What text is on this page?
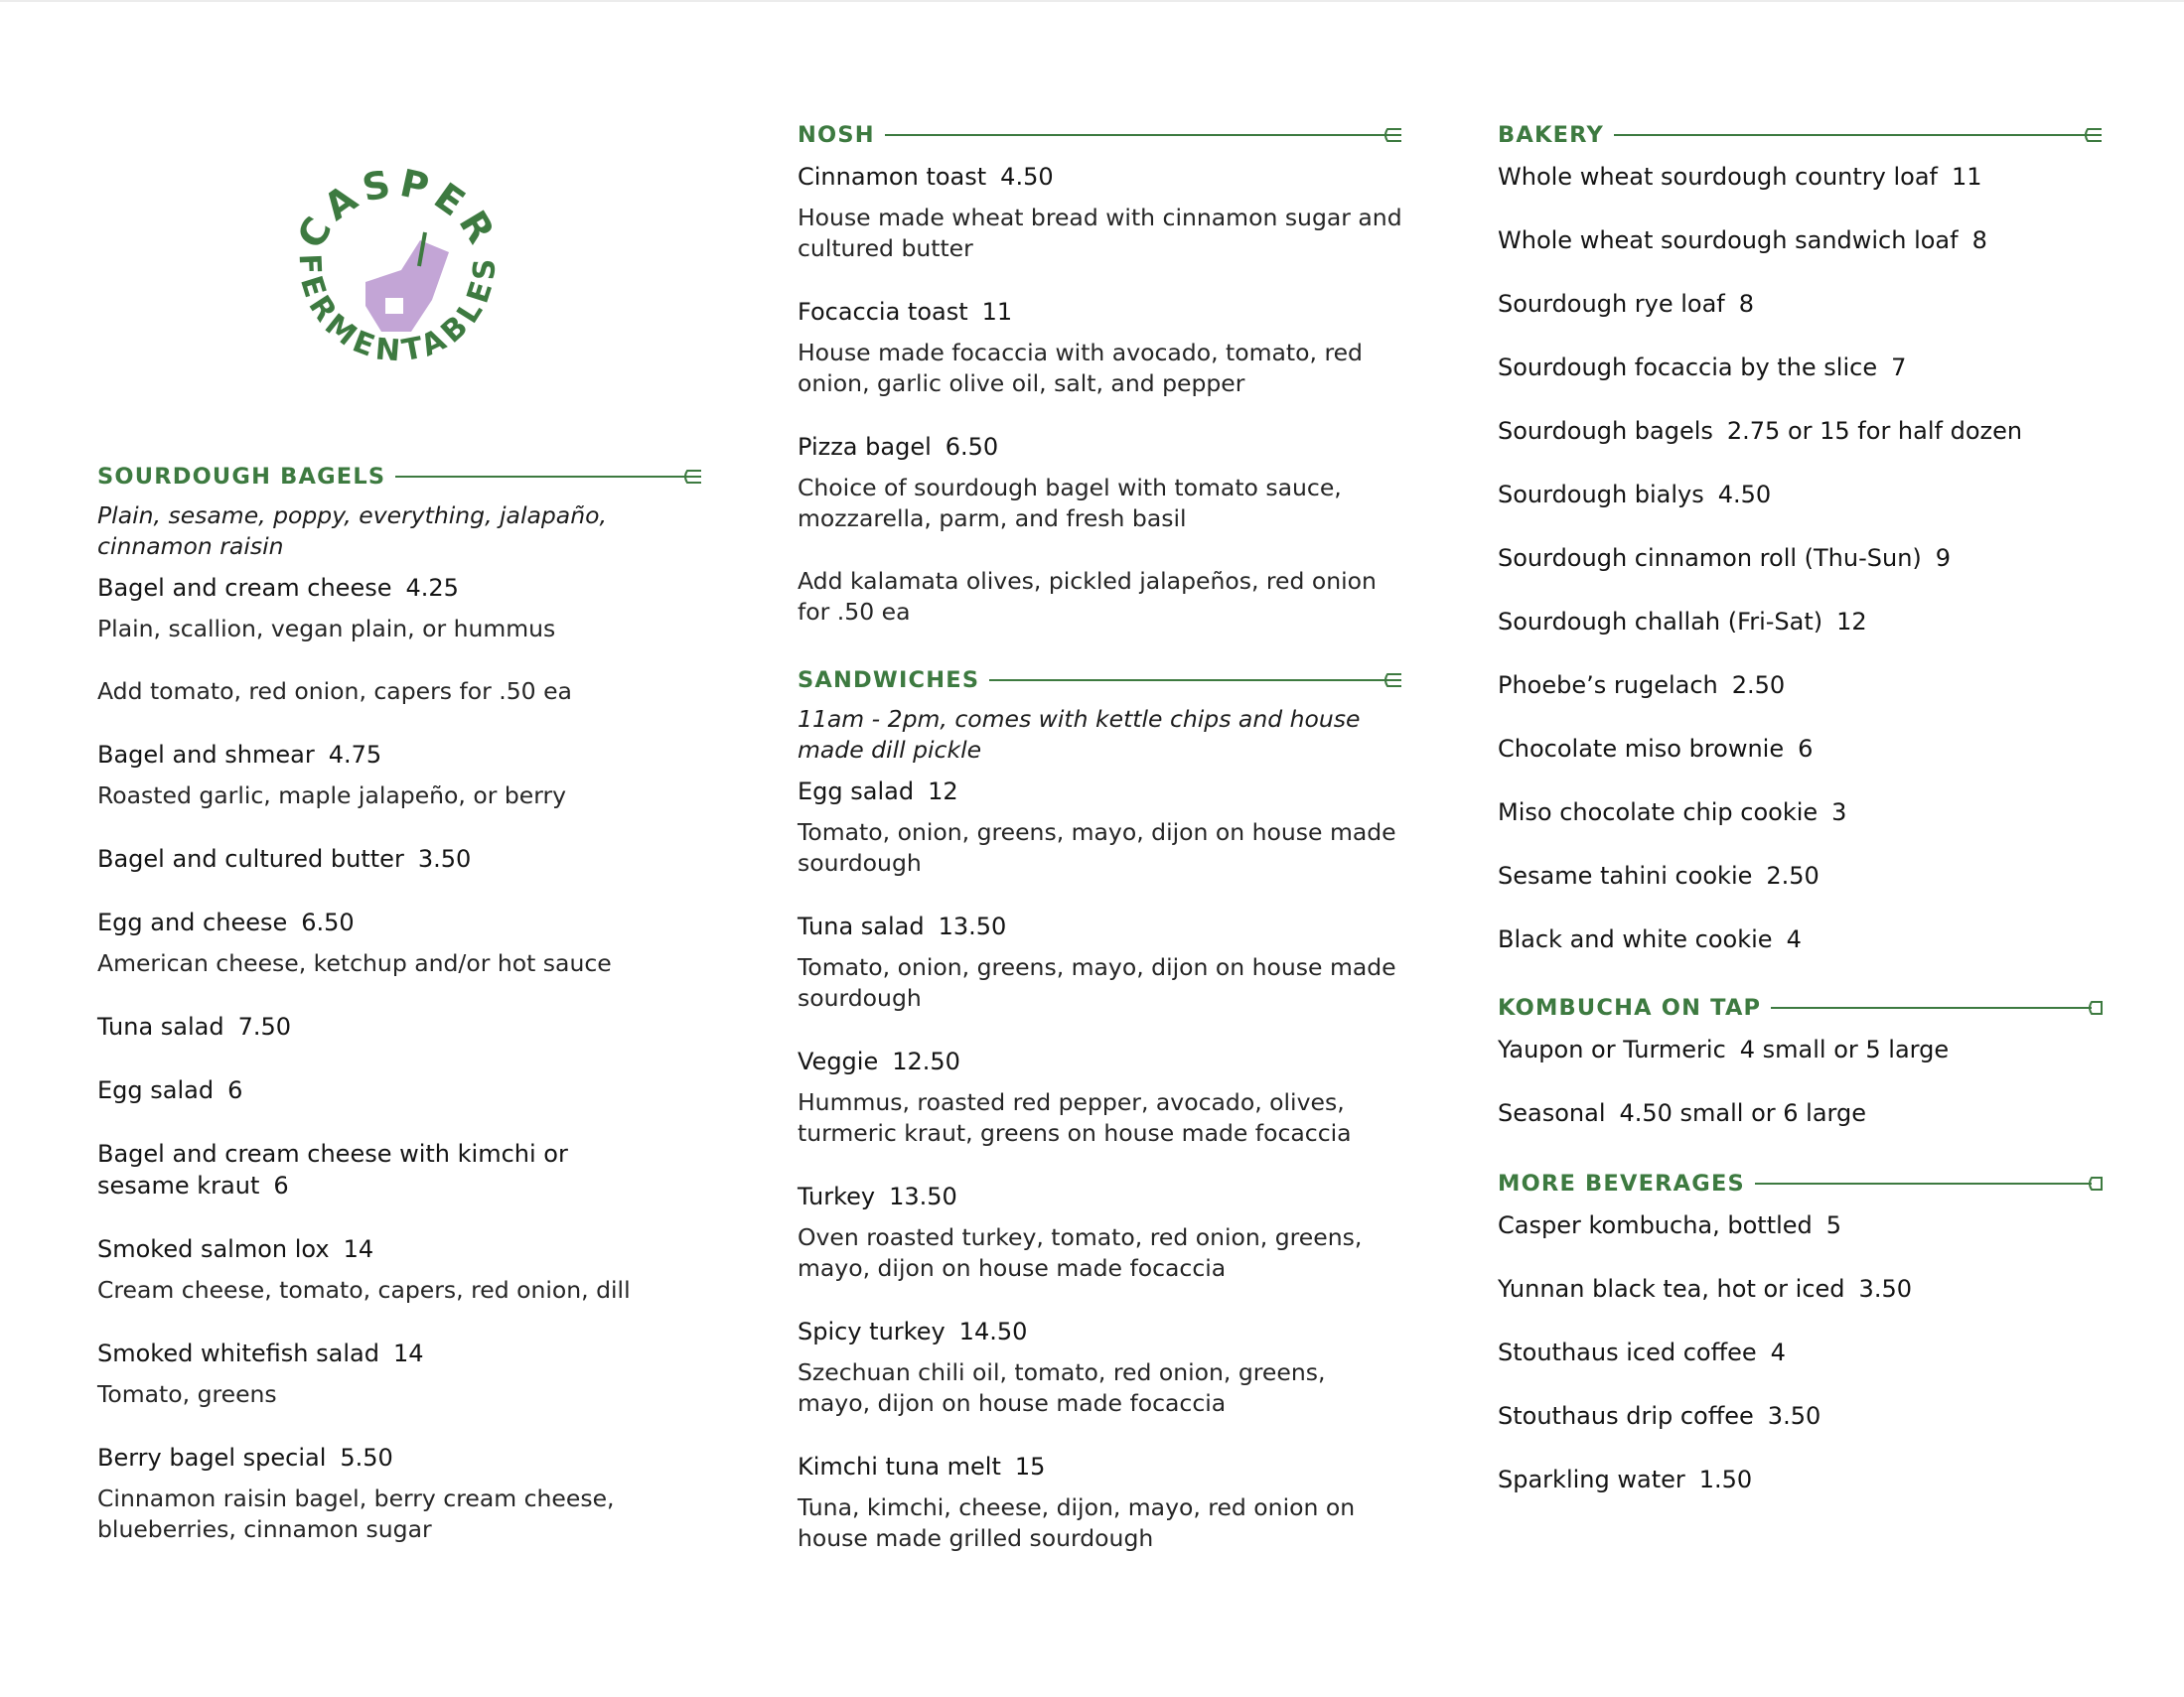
CASPER
FERMENTABLES
SOURDOUGH BAGELS
Plain, sesame, poppy, everything, jalapaño, cinnamon raisin
Bagel and cream cheese 4.25
Plain, scallion, vegan plain, or hummus
Add tomato, red onion, capers for .50 ea
Bagel and shmear 4.75
Roasted garlic, maple jalapeño, or berry
Bagel and cultured butter 3.50
Egg and cheese 6.50
American cheese, ketchup and/or hot sauce
Tuna salad 7.50
Egg salad 6
Bagel and cream cheese with kimchi or sesame kraut 6
Smoked salmon lox 14
Cream cheese, tomato, capers, red onion, dill
Smoked whitefish salad 14
Tomato, greens
Berry bagel special 5.50
Cinnamon raisin bagel, berry cream cheese, blueberries, cinnamon sugar
NOSH
Cinnamon toast 4.50
House made wheat bread with cinnamon sugar and cultured butter
Focaccia toast 11
House made focaccia with avocado, tomato, red onion, garlic olive oil, salt, and pepper
Pizza bagel 6.50
Choice of sourdough bagel with tomato sauce, mozzarella, parm, and fresh basil
Add kalamata olives, pickled jalapeños, red onion for .50 ea
SANDWICHES
11am - 2pm, comes with kettle chips and house made dill pickle
Egg salad 12
Tomato, onion, greens, mayo, dijon on house made sourdough
Tuna salad 13.50
Tomato, onion, greens, mayo, dijon on house made sourdough
Veggie 12.50
Hummus, roasted red pepper, avocado, olives, turmeric kraut, greens on house made focaccia
Turkey 13.50
Oven roasted turkey, tomato, red onion, greens, mayo, dijon on house made focaccia
Spicy turkey 14.50
Szechuan chili oil, tomato, red onion, greens, mayo, dijon on house made focaccia
Kimchi tuna melt 15
Tuna, kimchi, cheese, dijon, mayo, red onion on house made grilled sourdough
BAKERY
Whole wheat sourdough country loaf 11
Whole wheat sourdough sandwich loaf 8
Sourdough rye loaf 8
Sourdough focaccia by the slice 7
Sourdough bagels 2.75 or 15 for half dozen
Sourdough bialys 4.50
Sourdough cinnamon roll (Thu-Sun) 9
Sourdough challah (Fri-Sat) 12
Phoebe’s rugelach 2.50
Chocolate miso brownie 6
Miso chocolate chip cookie 3
Sesame tahini cookie 2.50
Black and white cookie 4
KOMBUCHA ON TAP
Yaupon or Turmeric 4 small or 5 large
Seasonal 4.50 small or 6 large
MORE BEVERAGES
Casper kombucha, bottled 5
Yunnan black tea, hot or iced 3.50
Stouthaus iced coffee 4
Stouthaus drip coffee 3.50
Sparkling water 1.50
